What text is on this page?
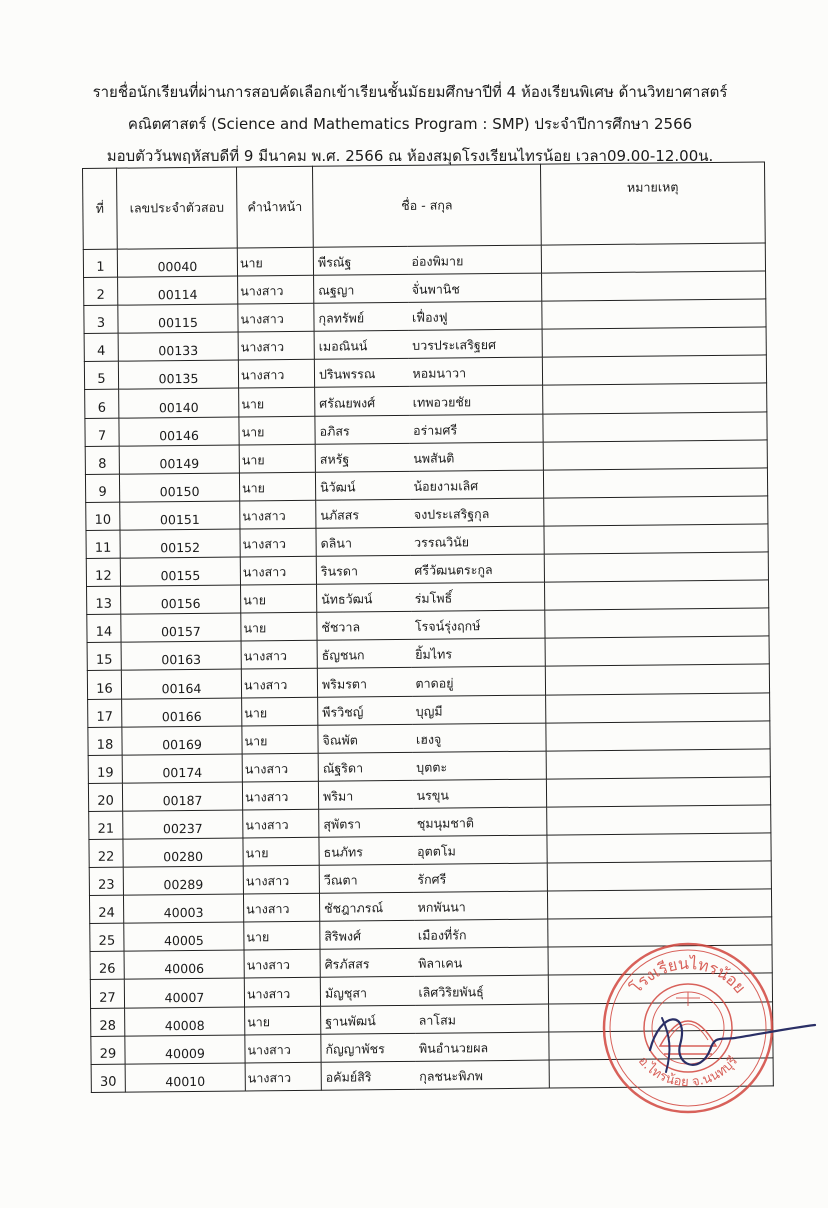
รายชื่อนักเรียนที่ผ่านการสอบคัดเลือกเข้าเรียนชั้นมัธยมศึกษาปีที่ 4 ห้องเรียนพิเศษ ด้านวิทยาศาสตร์
คณิตศาสตร์ (Science and Mathematics Program : SMP) ประจำปีการศึกษา 2566
มอบตัววันพฤหัสบดีที่ 9 มีนาคม พ.ศ. 2566 ณ ห้องสมุดโรงเรียนไทรน้อย เวลา09.00-12.00น.
ที่	เลขประจำตัวสอบ	คำนำหน้า	ชื่อ - สกุล		หมายเหตุ
1	00040	นาย	พีรณัฐ	อ่องพิมาย	
2	00114	นางสาว	ณฐญา	จั่นพานิช	
3	00115	นางสาว	กุลทรัพย์	เฟื่องฟู	
4	00133	นางสาว	เมอณินน์	บวรประเสริฐยศ	
5	00135	นางสาว	ปรินพรรณ	หอมนาวา	
6	00140	นาย	ศรัณยพงศ์	เทพอวยชัย	
7	00146	นาย	อภิสร	อร่ามศรี	
8	00149	นาย	สหรัฐ	นพสันติ	
9	00150	นาย	นิวัฒน์	น้อยงามเลิศ	
10	00151	นางสาว	นภัสสร	จงประเสริฐกุล	
11	00152	นางสาว	ดลินา	วรรณวินัย	
12	00155	นางสาว	รินรดา	ศรีวัฒนตระกูล	
13	00156	นาย	นัทธวัฒน์	ร่มโพธิ์	
14	00157	นาย	ชัชวาล	โรจน์รุ่งฤกษ์	
15	00163	นางสาว	ธัญชนก	ยิ้มไทร	
16	00164	นางสาว	พริมรตา	ตาดอยู่	
17	00166	นาย	พีรวิชญ์	บุญมี	
18	00169	นาย	จิณพัต	เฮงจู	
19	00174	นางสาว	ณัฐริดา	บุตตะ	
20	00187	นางสาว	พริมา	นรขุน	
21	00237	นางสาว	สุพัตรา	ชุมนุมชาติ	
22	00280	นาย	ธนภัทร	อุตตโม	
23	00289	นางสาว	วีณตา	รักศรี	
24	40003	นางสาว	ชัชฎาภรณ์	หกพันนา	
25	40005	นาย	สิริพงศ์	เมืองที่รัก	
26	40006	นางสาว	ศิรภัสสร	พิลาเคน	
27	40007	นางสาว	มัญชุสา	เลิศวิริยพันธุ์	
28	40008	นาย	ฐานพัฒน์	ลาโสม	
29	40009	นางสาว	กัญญาพัชร	พินอำนวยผล	
30	40010	นางสาว	อคัมย์สิริ	กุลชนะพิภพ	
โรงเรียนไทรน้อย
อ.ไทรน้อย จ.นนทบุรี
